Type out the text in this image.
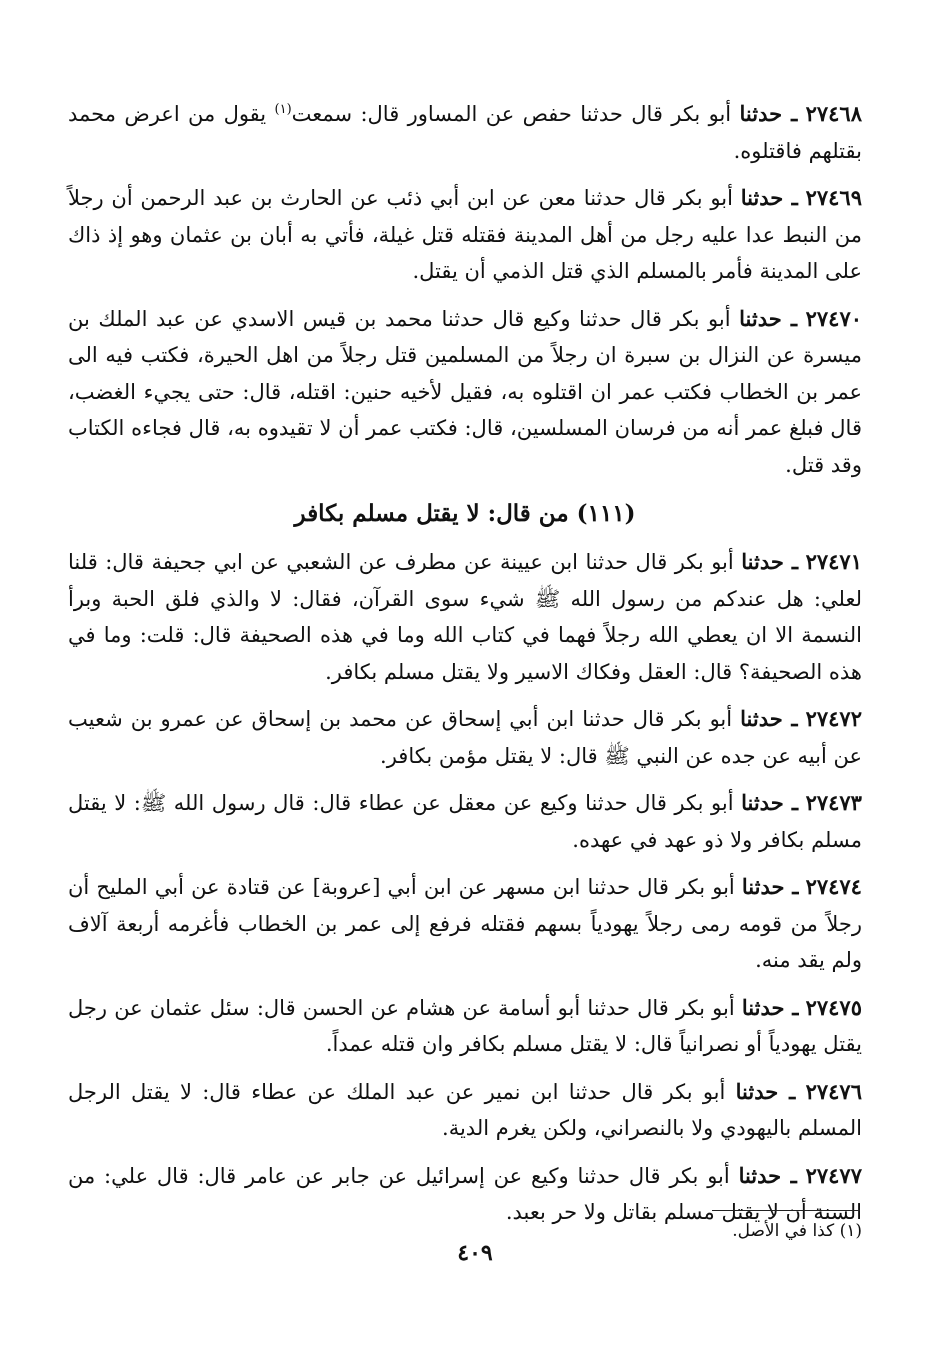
٢٧٤٦٨ ـ حدثنا أبو بكر قال حدثنا حفص عن المساور قال: سمعت$^{(١)}$ يقول من اعرض محمد بقتلهم فاقتلوه.

٢٧٤٦٩ ـ حدثنا أبو بكر قال حدثنا معن عن ابن أبي ذئب عن الحارث بن عبد الرحمن أن رجلاً من النبط عدا عليه رجل من أهل المدينة فقتله قتل غيلة، فأتي به أبان بن عثمان وهو إذ ذاك على المدينة فأمر بالمسلم الذي قتل الذمي أن يقتل.

٢٧٤٧٠ ـ حدثنا أبو بكر قال حدثنا وكيع قال حدثنا محمد بن قيس الاسدي عن عبد الملك بن ميسرة عن النزال بن سبرة ان رجلاً من المسلمين قتل رجلاً من اهل الحيرة، فكتب فيه الى عمر بن الخطاب فكتب عمر ان اقتلوه به، فقيل لأخيه حنين: اقتله، قال: حتى يجيء الغضب، قال فبلغ عمر أنه من فرسان المسلسين، قال: فكتب عمر أن لا تقيدوه به، قال فجاءه الكتاب وقد قتل.

(١١١) من قال: لا يقتل مسلم بكافر

٢٧٤٧١ ـ حدثنا أبو بكر قال حدثنا ابن عيينة عن مطرف عن الشعبي عن ابي جحيفة قال: قلنا لعلي: هل عندكم من رسول الله ﷺ شيء سوى القرآن، فقال: لا والذي فلق الحبة وبرأ النسمة الا ان يعطي الله رجلاً فهما في كتاب الله وما في هذه الصحيفة قال: قلت: وما في هذه الصحيفة؟ قال: العقل وفكاك الاسير ولا يقتل مسلم بكافر.

٢٧٤٧٢ ـ حدثنا أبو بكر قال حدثنا ابن أبي إسحاق عن محمد بن إسحاق عن عمرو بن شعيب عن أبيه عن جده عن النبي ﷺ قال: لا يقتل مؤمن بكافر.

٢٧٤٧٣ ـ حدثنا أبو بكر قال حدثنا وكيع عن معقل عن عطاء قال: قال رسول الله ﷺ: لا يقتل مسلم بكافر ولا ذو عهد في عهده.

٢٧٤٧٤ ـ حدثنا أبو بكر قال حدثنا ابن مسهر عن ابن أبي [عروبة] عن قتادة عن أبي المليح أن رجلاً من قومه رمى رجلاً يهودياً بسهم فقتله فرفع إلى عمر بن الخطاب فأغرمه أربعة آلاف ولم يقد منه.

٢٧٤٧٥ ـ حدثنا أبو بكر قال حدثنا أبو أسامة عن هشام عن الحسن قال: سئل عثمان عن رجل يقتل يهودياً أو نصرانياً قال: لا يقتل مسلم بكافر وان قتله عمداً.

٢٧٤٧٦ ـ حدثنا أبو بكر قال حدثنا ابن نمير عن عبد الملك عن عطاء قال: لا يقتل الرجل المسلم باليهودي ولا بالنصراني، ولكن يغرم الدية.

٢٧٤٧٧ ـ حدثنا أبو بكر قال حدثنا وكيع عن إسرائيل عن جابر عن عامر قال: قال علي: من السنة أن لا يقتل مسلم بقاتل ولا حر بعبد.

(١) كذا في الأصل.
٤٠٩
